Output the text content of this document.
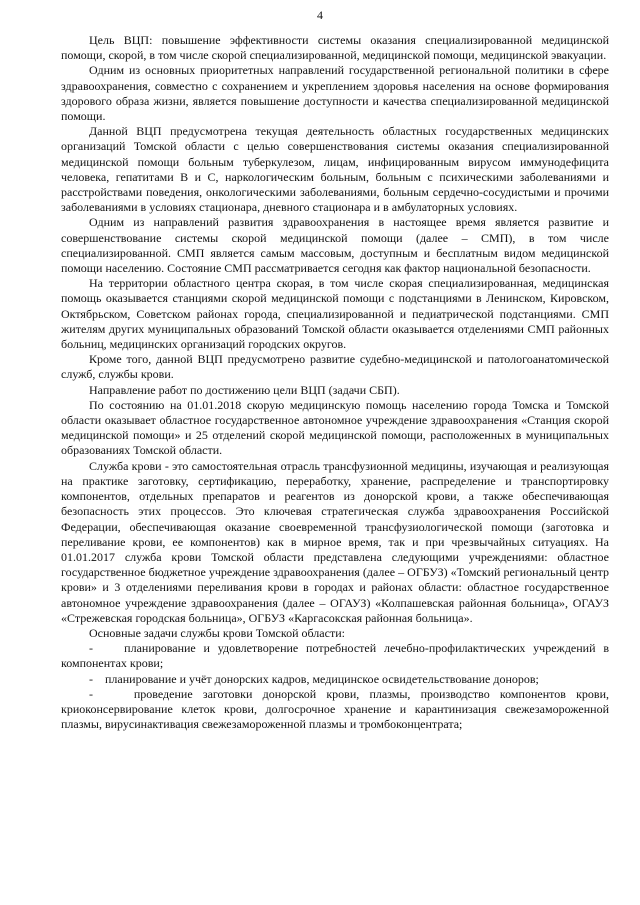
4

Цель ВЦП: повышение эффективности системы оказания специализированной медицинской помощи, скорой, в том числе скорой специализированной, медицинской помощи, медицинской эвакуации.

Одним из основных приоритетных направлений государственной региональной политики в сфере здравоохранения, совместно с сохранением и укреплением здоровья населения на основе формирования здорового образа жизни, является повышение доступности и качества специализированной медицинской помощи.

Данной ВЦП предусмотрена текущая деятельность областных государственных медицинских организаций Томской области с целью совершенствования системы оказания специализированной медицинской помощи больным туберкулезом, лицам, инфицированным вирусом иммунодефицита человека, гепатитами В и С, наркологическим больным, больным с психическими заболеваниями и расстройствами поведения, онкологическими заболеваниями, больным сердечно-сосудистыми и прочими заболеваниями в условиях стационара, дневного стационара и в амбулаторных условиях.

Одним из направлений развития здравоохранения в настоящее время является развитие и совершенствование системы скорой медицинской помощи (далее – СМП), в том числе специализированной. СМП является самым массовым, доступным и бесплатным видом медицинской помощи населению. Состояние СМП рассматривается сегодня как фактор национальной безопасности.

На территории областного центра скорая, в том числе скорая специализированная, медицинская помощь оказывается станциями скорой медицинской помощи с подстанциями в Ленинском, Кировском, Октябрьском, Советском районах города, специализированной и педиатрической подстанциями. СМП жителям других муниципальных образований Томской области оказывается отделениями СМП районных больниц, медицинских организаций городских округов.

Кроме того, данной ВЦП предусмотрено развитие судебно-медицинской и патологоанатомической служб, службы крови.

Направление работ по достижению цели ВЦП (задачи СБП).

По состоянию на 01.01.2018 скорую медицинскую помощь населению города Томска и Томской области оказывает областное государственное автономное учреждение здравоохранения «Станция скорой медицинской помощи» и 25 отделений скорой медицинской помощи, расположенных в муниципальных образованиях Томской области.

Служба крови - это самостоятельная отрасль трансфузионной медицины, изучающая и реализующая на практике заготовку, сертификацию, переработку, хранение, распределение и транспортировку компонентов, отдельных препаратов и реагентов из донорской крови, а также обеспечивающая безопасность этих процессов. Это ключевая стратегическая служба здравоохранения Российской Федерации, обеспечивающая оказание своевременной трансфузиологической помощи (заготовка и переливание крови, ее компонентов) как в мирное время, так и при чрезвычайных ситуациях. На 01.01.2017 служба крови Томской области представлена следующими учреждениями: областное государственное бюджетное учреждение здравоохранения (далее – ОГБУЗ) «Томский региональный центр крови» и 3 отделениями переливания крови в городах и районах области: областное государственное автономное учреждение здравоохранения (далее – ОГАУЗ) «Колпашевская районная больница», ОГАУЗ «Стрежевская городская больница», ОГБУЗ «Каргасокская районная больница».

Основные задачи службы крови Томской области:

-    планирование и удовлетворение потребностей лечебно-профилактических учреждений в компонентах крови;

-    планирование и учёт донорских кадров, медицинское освидетельствование доноров;

-    проведение заготовки донорской крови, плазмы, производство компонентов крови, криоконсервирование клеток крови, долгосрочное хранение и карантинизация свежезамороженной плазмы, вирусинактивация свежезамороженной плазмы и тромбоконцентрата;
